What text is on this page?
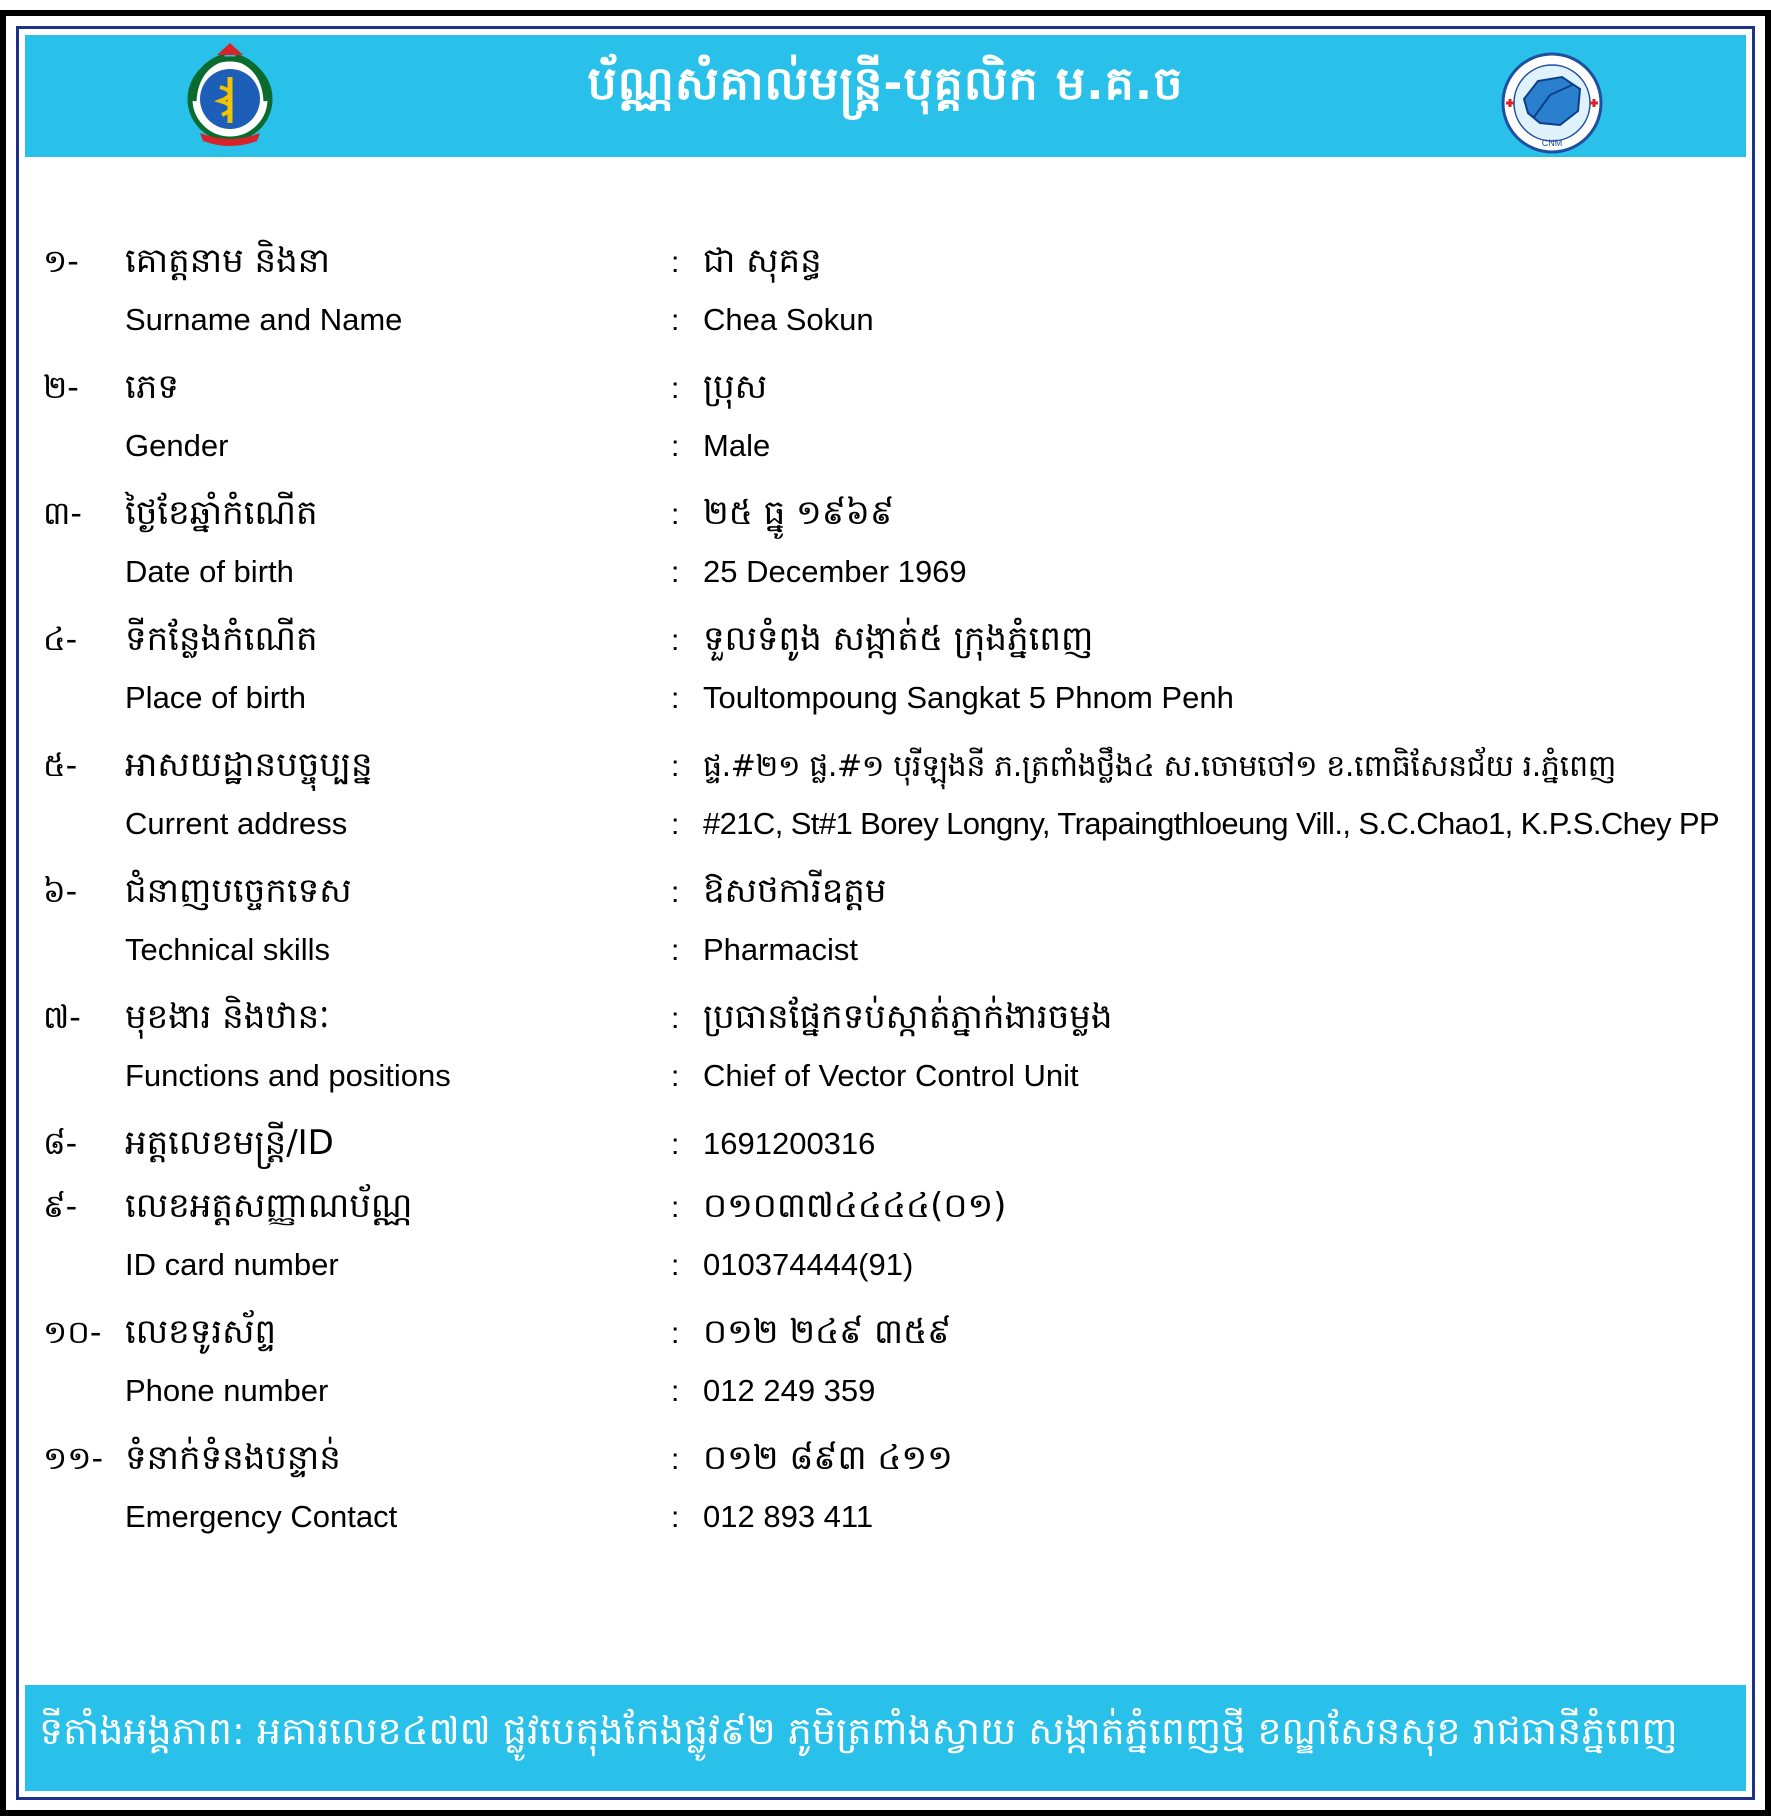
ប័ណ្ណសំគាល់មន្ត្រី-បុគ្គលិក ម.គ.ច
CNM
១-	គោត្តនាម និងនា	: ជា សុគន្ធ
Surname and Name	: Chea Sokun
២-	ភេទ	: ប្រុស
Gender	: Male
៣-	ថ្ងៃខែឆ្នាំកំណើត	: ២៥ ធ្នូ ១៩៦៩
Date of birth	: 25 December 1969
៤-	ទីកន្លែងកំណើត	: ទួលទំពូង សង្កាត់៥ ក្រុងភ្នំពេញ
Place of birth	: Toultompoung Sangkat 5 Phnom Penh
៥-	អាសយដ្ឋានបច្ចុប្បន្ន	: ផ្ទ.#២១ ផ្ល.#១ បុរីឡុងនី ភ.ត្រពាំងថ្លឹង៤ ស.ចោមចៅ១ ខ.ពោធិសែនជ័យ រ.ភ្នំពេញ
Current address	: #21C, St#1 Borey Longny, Trapaingthloeung Vill., S.C.Chao1, K.P.S.Chey PP
៦-	ជំនាញបច្ចេកទេស	: ឱសថការីឧត្តម
Technical skills	: Pharmacist
៧-	មុខងារ និងឋានៈ	: ប្រធានផ្នែកទប់ស្កាត់ភ្នាក់ងារចម្លង
Functions and positions	: Chief of Vector Control Unit
៨-	អត្តលេខមន្ត្រី/ID	: 1691200316
៩-	លេខអត្តសញ្ញាណប័ណ្ណ	: ០១០៣៧៤៤៤៤(០១)
ID card number	: 010374444(91)
១០- លេខទូរស័ព្ទ	: ០១២ ២៤៩ ៣៥៩
Phone number	: 012 249 359
១១- ទំនាក់ទំនងបន្ទាន់	: ០១២ ៨៩៣ ៤១១
Emergency Contact	: 012 893 411
ទីតាំងអង្គភាព: អគារលេខ៤៧៧ ផ្លូវបេតុងកែងផ្លូវ៩២ ភូមិត្រពាំងស្វាយ សង្កាត់ភ្នំពេញថ្មី ខណ្ឌសែនសុខ រាជធានីភ្នំពេញ
